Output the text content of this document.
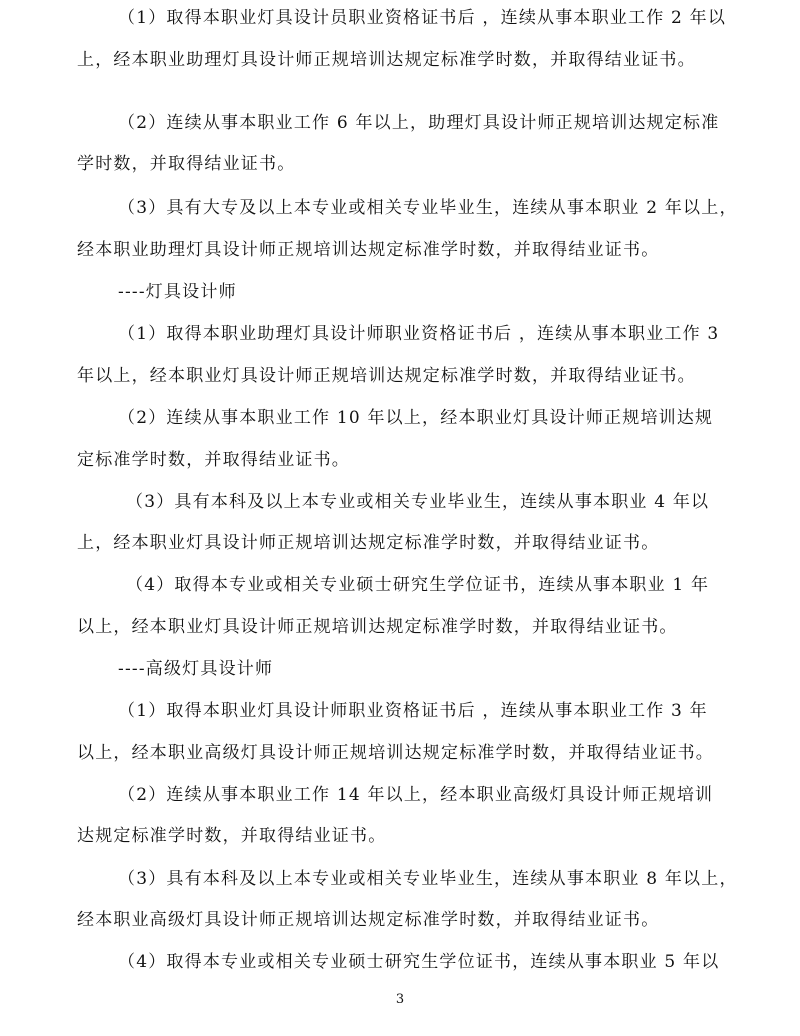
（1）取得本职业灯具设计员职业资格证书后 ，连续从事本职业工作 2 年以
上，经本职业助理灯具设计师正规培训达规定标准学时数，并取得结业证书。
（2）连续从事本职业工作 6 年以上，助理灯具设计师正规培训达规定标准
学时数，并取得结业证书。
（3）具有大专及以上本专业或相关专业毕业生，连续从事本职业 2 年以上，
经本职业助理灯具设计师正规培训达规定标准学时数，并取得结业证书。
----灯具设计师
（1）取得本职业助理灯具设计师职业资格证书后 ，连续从事本职业工作 3
年以上，经本职业灯具设计师正规培训达规定标准学时数，并取得结业证书。
（2）连续从事本职业工作 10 年以上，经本职业灯具设计师正规培训达规
定标准学时数，并取得结业证书。
（3）具有本科及以上本专业或相关专业毕业生，连续从事本职业 4 年以
上，经本职业灯具设计师正规培训达规定标准学时数，并取得结业证书。
（4）取得本专业或相关专业硕士研究生学位证书，连续从事本职业 1 年
以上，经本职业灯具设计师正规培训达规定标准学时数，并取得结业证书。
----高级灯具设计师
（1）取得本职业灯具设计师职业资格证书后 ，连续从事本职业工作 3 年
以上，经本职业高级灯具设计师正规培训达规定标准学时数，并取得结业证书。
（2）连续从事本职业工作 14 年以上，经本职业高级灯具设计师正规培训
达规定标准学时数，并取得结业证书。
（3）具有本科及以上本专业或相关专业毕业生，连续从事本职业 8 年以上，
经本职业高级灯具设计师正规培训达规定标准学时数，并取得结业证书。
（4）取得本专业或相关专业硕士研究生学位证书，连续从事本职业 5 年以
3
